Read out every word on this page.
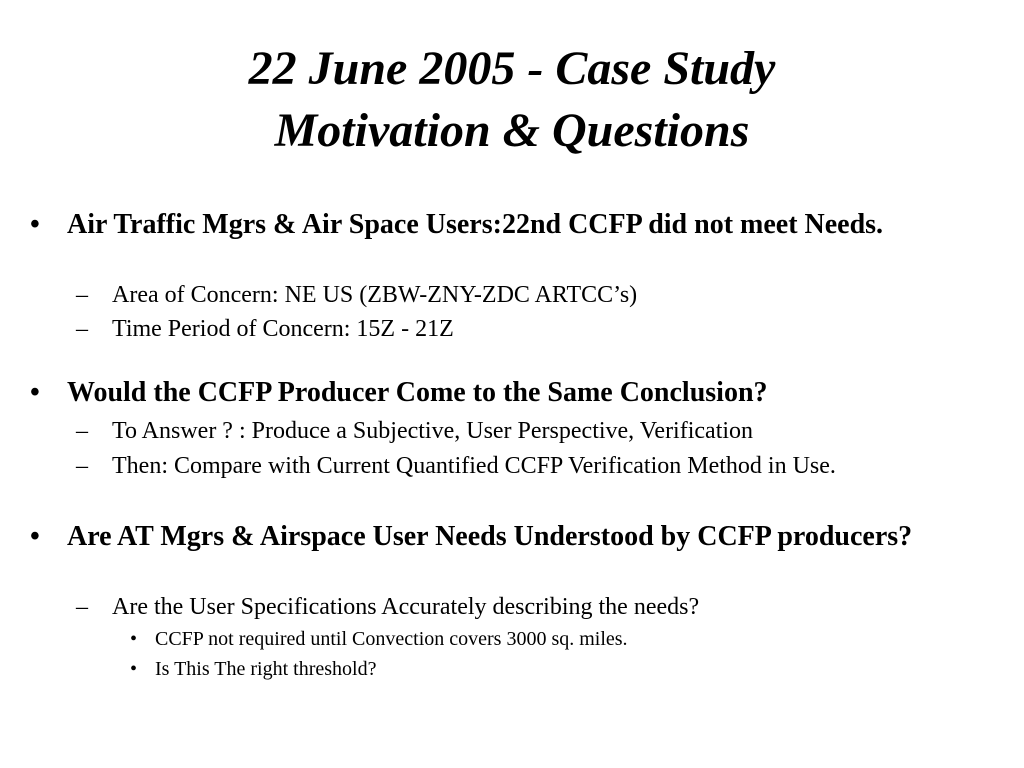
22 June 2005 - Case Study
Motivation & Questions
• Air Traffic Mgrs & Air Space Users:22nd CCFP did not meet Needs.
– Area of Concern: NE US (ZBW-ZNY-ZDC ARTCC’s)
– Time Period of Concern: 15Z - 21Z
• Would the CCFP Producer Come to the Same Conclusion?
– To Answer ? : Produce a Subjective, User Perspective, Verification
– Then: Compare with Current Quantified CCFP Verification Method in Use.
• Are AT Mgrs & Airspace User Needs Understood by CCFP producers?
– Are the User Specifications Accurately describing the needs?
• CCFP not required until Convection covers 3000 sq. miles.
• Is This The right threshold?
